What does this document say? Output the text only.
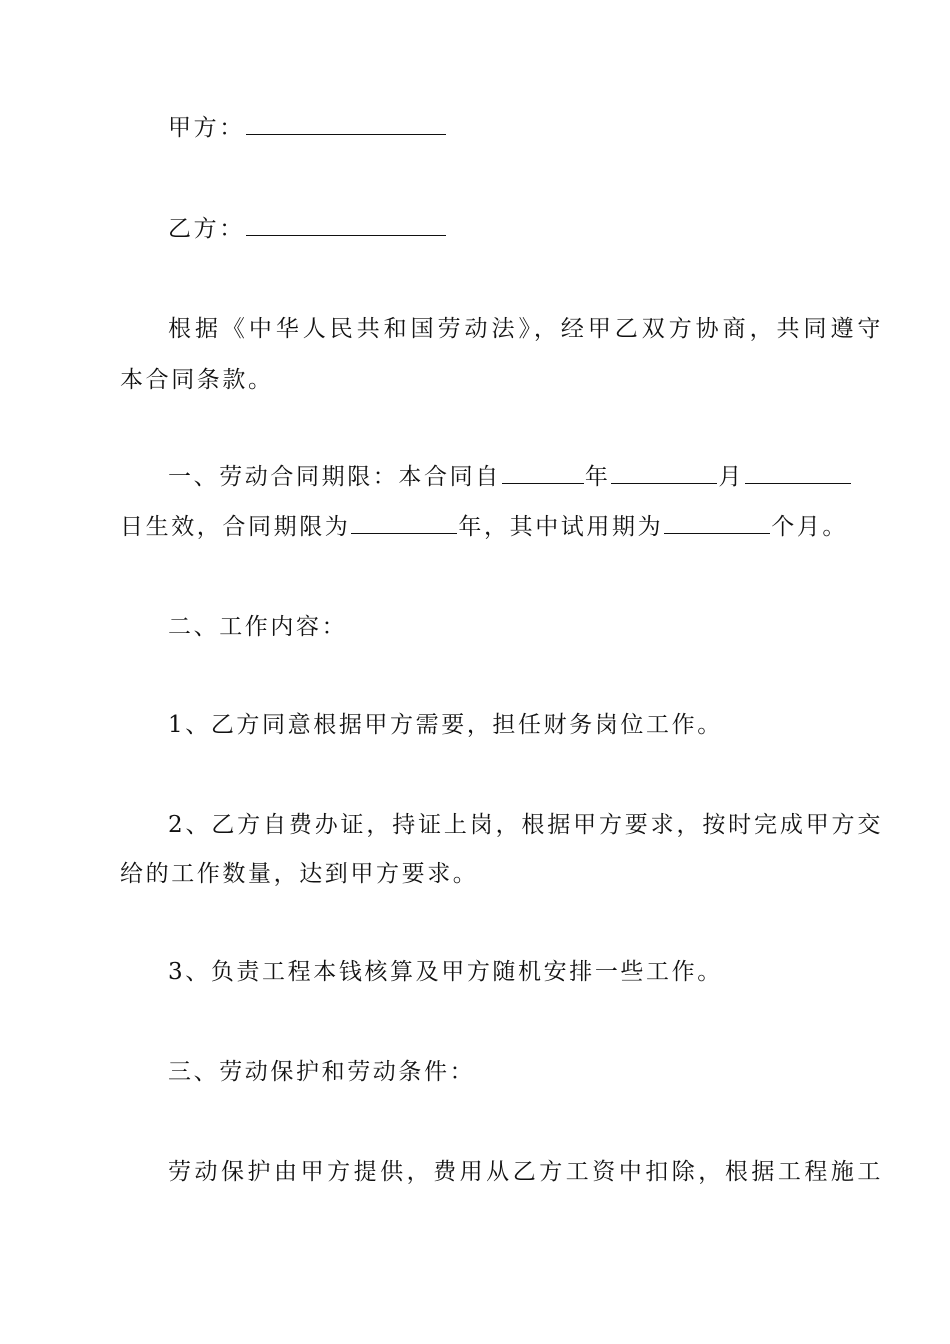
甲方：
乙方：
根据《中华人民共和国劳动法》，经甲乙双方协商，共同遵守
本合同条款。
一、劳动合同期限：本合同自	年	月
日生效，合同期限为	年，其中试用期为	个月。
二、工作内容：
1、乙方同意根据甲方需要，担任财务岗位工作。
2、乙方自费办证，持证上岗，根据甲方要求，按时完成甲方交
给的工作数量，达到甲方要求。
3、负责工程本钱核算及甲方随机安排一些工作。
三、劳动保护和劳动条件：
劳动保护由甲方提供，费用从乙方工资中扣除，根据工程施工
